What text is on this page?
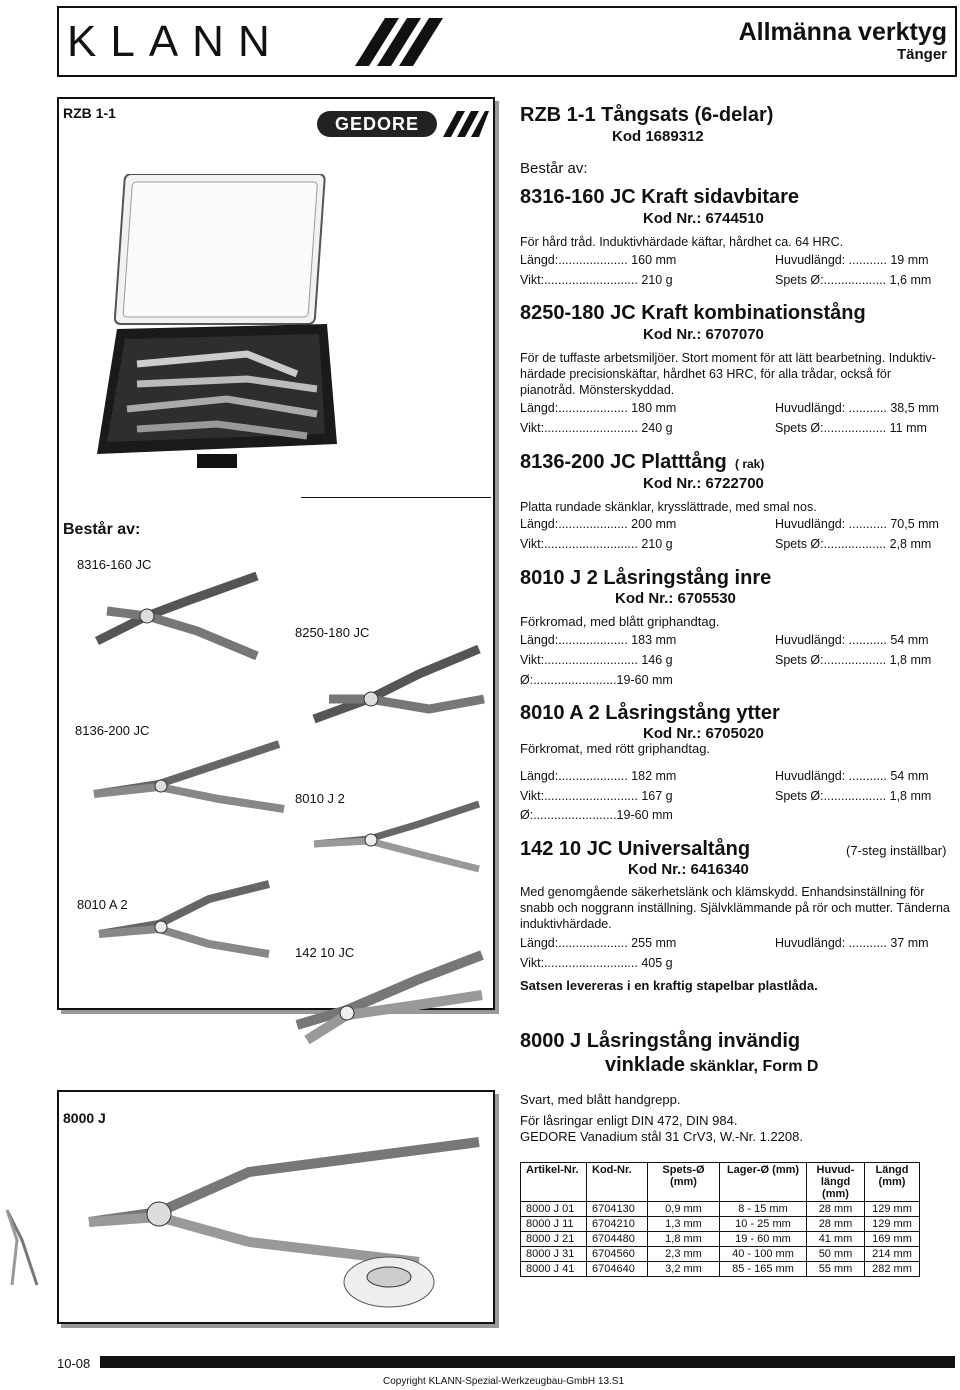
KLANN	Allmänna verktyg
Tänger
RZB 1-1
GEDORE
Består av:
8316-160 JC
8250-180 JC
8136-200 JC
8010 J 2
8010 A 2
142 10 JC
8000 J
RZB 1-1 Tångsats (6-delar)
Kod 1689312
Består av:
8316-160 JC Kraft sidavbitare
Kod Nr.: 6744510
För hård tråd. Induktivhärdade käftar, hårdhet ca. 64 HRC.
Längd:.................... 160 mm	Huvudlängd: ........... 19 mm
Vikt:........................... 210 g	Spets Ø:.................. 1,6 mm
8250-180 JC Kraft kombinationstång
Kod Nr.: 6707070
För de tuffaste arbetsmiljöer. Stort moment för att lätt bearbetning. Induktiv-härdade precisionskäftar, hårdhet 63 HRC, för alla trådar, också för pianotråd. Mönsterskyddad.
Längd:.................... 180 mm	Huvudlängd: ........... 38,5 mm
Vikt:........................... 240 g	Spets Ø:.................. 11 mm
8136-200 JC Platttång ( rak)
Kod Nr.: 6722700
Platta rundade skänklar, krysslättrade, med smal nos.
Längd:.................... 200 mm	Huvudlängd: ........... 70,5 mm
Vikt:........................... 210 g	Spets Ø:.................. 2,8 mm
8010 J 2 Låsringstång inre
Kod Nr.: 6705530
Förkromad, med blått griphandtag.
Längd:.................... 183 mm	Huvudlängd: ........... 54 mm
Vikt:........................... 146 g	Spets Ø:.................. 1,8 mm
Ø:........................19-60 mm
8010 A 2 Låsringstång ytter
Kod Nr.: 6705020
Förkromat, med rött griphandtag.
Längd:.................... 182 mm	Huvudlängd: ........... 54 mm
Vikt:........................... 167 g	Spets Ø:.................. 1,8 mm
Ø:........................19-60 mm
142 10 JC Universaltång	(7-steg inställbar)
Kod Nr.: 6416340
Med genomgående säkerhetslänk och klämskydd. Enhandsinställning för snabb och noggrann inställning. Självklämmande på rör och mutter. Tänderna induktivhärdade.
Längd:.................... 255 mm	Huvudlängd: ........... 37 mm
Vikt:........................... 405 g
Satsen levereras i en kraftig stapelbar plastlåda.
8000 J Låsringstång invändig
vinklade skänklar, Form D
Svart, med blått handgrepp.
För låsringar enligt DIN 472, DIN 984.
GEDORE Vanadium stål 31 CrV3, W.-Nr. 1.2208.
Artikel-Nr.	Kod-Nr.	Spets-Ø (mm)	Lager-Ø (mm)	Huvud-längd (mm)	Längd (mm)
8000 J 01	6704130	0,9 mm	8 - 15 mm	28 mm	129 mm
8000 J 11	6704210	1,3 mm	10 - 25 mm	28 mm	129 mm
8000 J 21	6704480	1,8 mm	19 - 60 mm	41 mm	169 mm
8000 J 31	6704560	2,3 mm	40 - 100 mm	50 mm	214 mm
8000 J 41	6704640	3,2 mm	85 - 165 mm	55 mm	282 mm
10-08
Copyright KLANN-Spezial-Werkzeugbau-GmbH 13.S1
